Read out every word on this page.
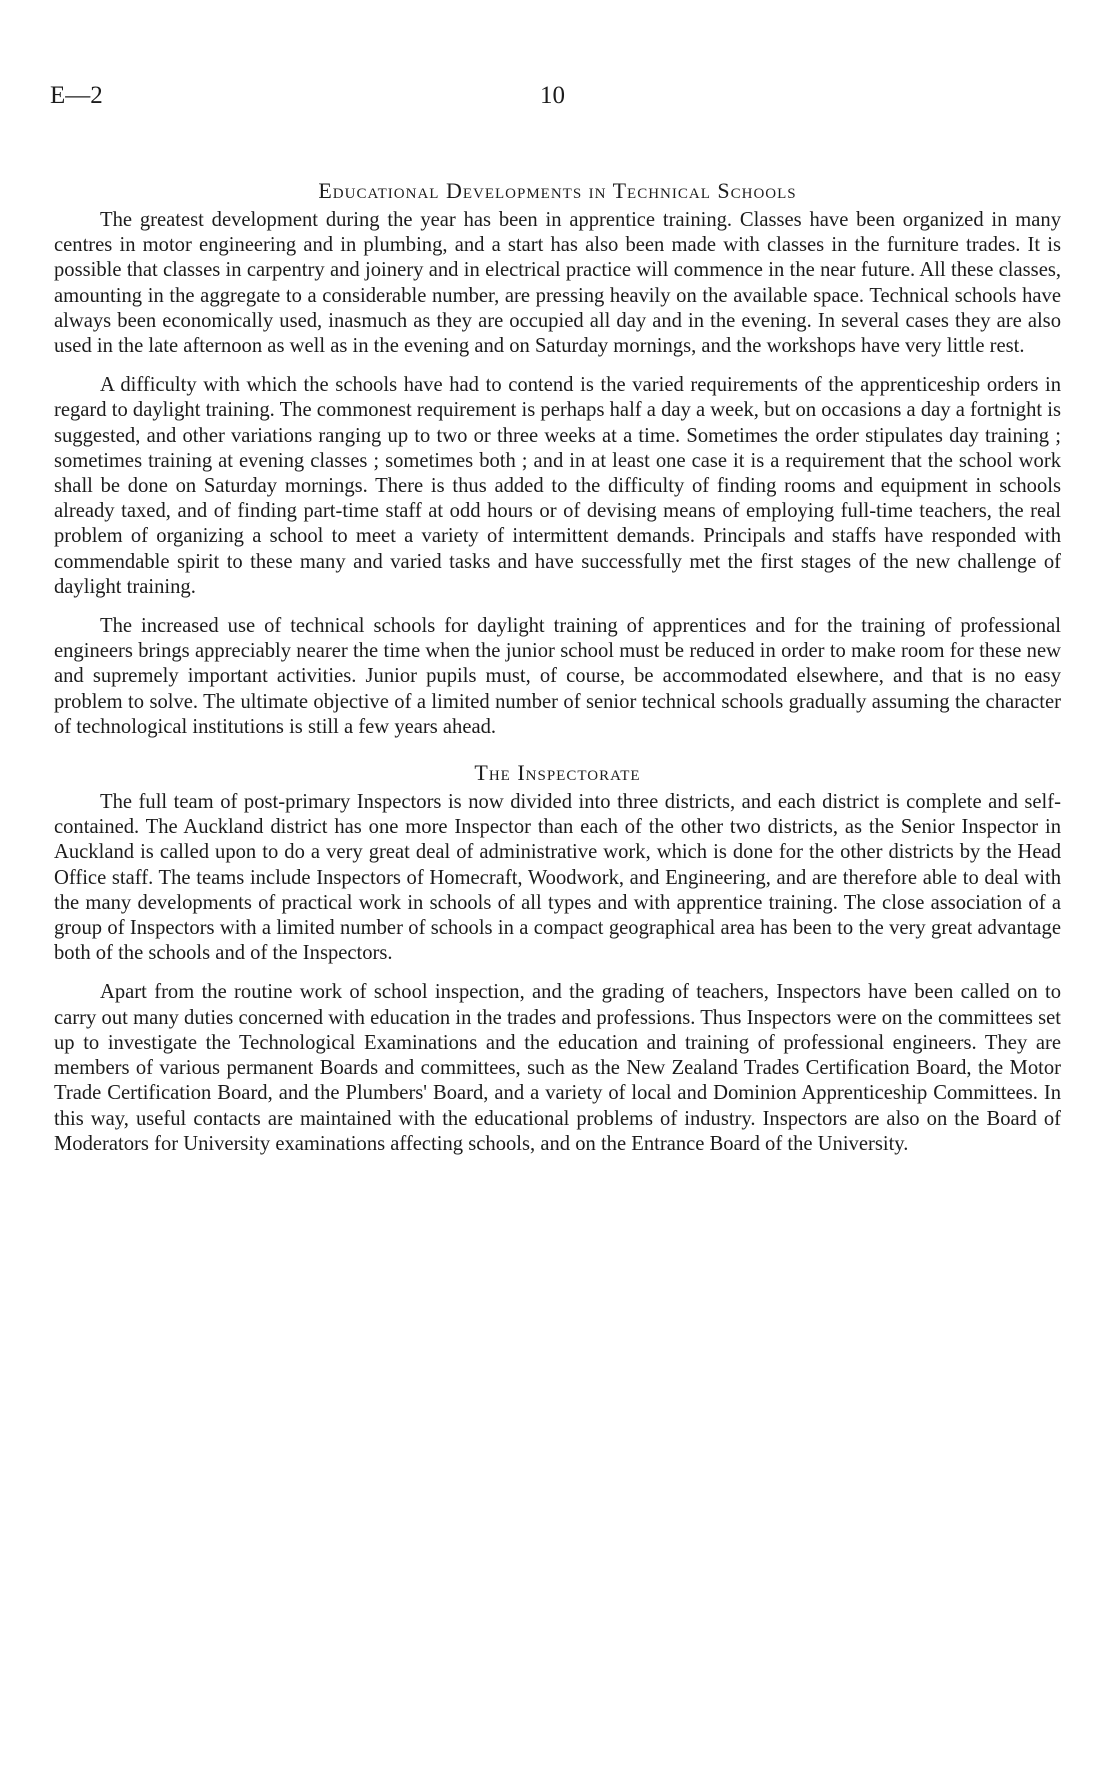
E—2	10
Educational Developments in Technical Schools

The greatest development during the year has been in apprentice training. Classes have been organized in many centres in motor engineering and in plumbing, and a start has also been made with classes in the furniture trades. It is possible that classes in carpentry and joinery and in electrical practice will commence in the near future. All these classes, amounting in the aggregate to a considerable number, are pressing heavily on the available space. Technical schools have always been economically used, inasmuch as they are occupied all day and in the evening. In several cases they are also used in the late afternoon as well as in the evening and on Saturday mornings, and the workshops have very little rest.

A difficulty with which the schools have had to contend is the varied requirements of the apprenticeship orders in regard to daylight training. The commonest requirement is perhaps half a day a week, but on occasions a day a fortnight is suggested, and other variations ranging up to two or three weeks at a time. Sometimes the order stipulates day training ; sometimes training at evening classes ; sometimes both ; and in at least one case it is a requirement that the school work shall be done on Saturday mornings. There is thus added to the difficulty of finding rooms and equipment in schools already taxed, and of finding part-time staff at odd hours or of devising means of employing full-time teachers, the real problem of organizing a school to meet a variety of intermittent demands. Principals and staffs have responded with commendable spirit to these many and varied tasks and have successfully met the first stages of the new challenge of daylight training.

The increased use of technical schools for daylight training of apprentices and for the training of professional engineers brings appreciably nearer the time when the junior school must be reduced in order to make room for these new and supremely important activities. Junior pupils must, of course, be accommodated elsewhere, and that is no easy problem to solve. The ultimate objective of a limited number of senior technical schools gradually assuming the character of technological institutions is still a few years ahead.

The Inspectorate

The full team of post-primary Inspectors is now divided into three districts, and each district is complete and self-contained. The Auckland district has one more Inspector than each of the other two districts, as the Senior Inspector in Auckland is called upon to do a very great deal of administrative work, which is done for the other districts by the Head Office staff. The teams include Inspectors of Homecraft, Woodwork, and Engineering, and are therefore able to deal with the many developments of practical work in schools of all types and with apprentice training. The close association of a group of Inspectors with a limited number of schools in a compact geographical area has been to the very great advantage both of the schools and of the Inspectors.

Apart from the routine work of school inspection, and the grading of teachers, Inspectors have been called on to carry out many duties concerned with education in the trades and professions. Thus Inspectors were on the committees set up to investigate the Technological Examinations and the education and training of professional engineers. They are members of various permanent Boards and committees, such as the New Zealand Trades Certification Board, the Motor Trade Certification Board, and the Plumbers' Board, and a variety of local and Dominion Apprenticeship Committees. In this way, useful contacts are maintained with the educational problems of industry. Inspectors are also on the Board of Moderators for University examinations affecting schools, and on the Entrance Board of the University.
